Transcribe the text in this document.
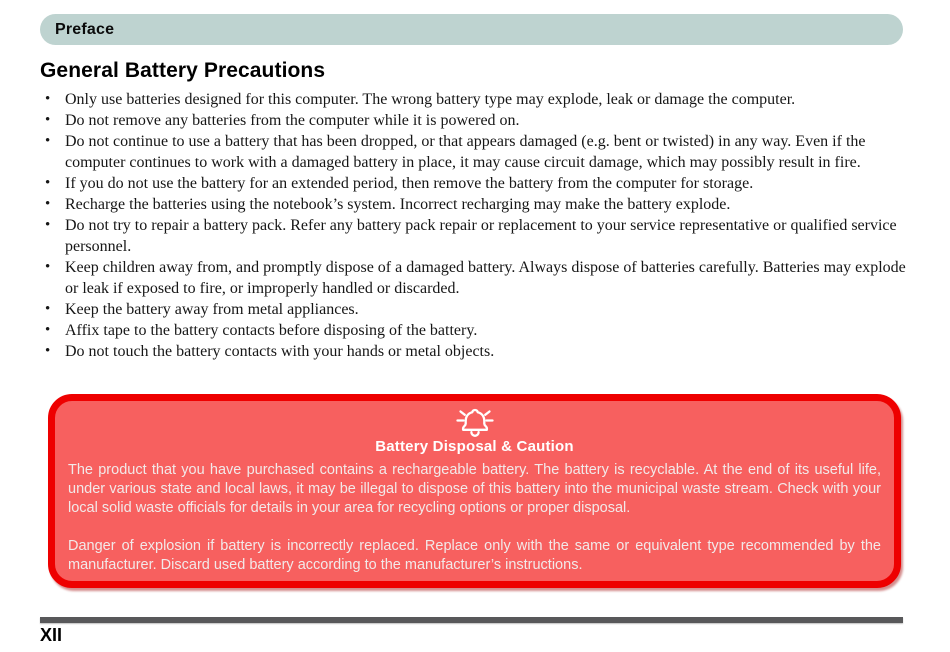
Preface
General Battery Precautions
• Only use batteries designed for this computer. The wrong battery type may explode, leak or damage the computer.
• Do not remove any batteries from the computer while it is powered on.
• Do not continue to use a battery that has been dropped, or that appears damaged (e.g. bent or twisted) in any way. Even if the computer continues to work with a damaged battery in place, it may cause circuit damage, which may possibly result in fire.
• If you do not use the battery for an extended period, then remove the battery from the computer for storage.
• Recharge the batteries using the notebook’s system. Incorrect recharging may make the battery explode.
• Do not try to repair a battery pack. Refer any battery pack repair or replacement to your service representative or qualified service personnel.
• Keep children away from, and promptly dispose of a damaged battery. Always dispose of batteries carefully. Batteries may explode or leak if exposed to fire, or improperly handled or discarded.
• Keep the battery away from metal appliances.
• Affix tape to the battery contacts before disposing of the battery.
• Do not touch the battery contacts with your hands or metal objects.
Battery Disposal & Caution

The product that you have purchased contains a rechargeable battery. The battery is recyclable. At the end of its useful life, under various state and local laws, it may be illegal to dispose of this battery into the municipal waste stream. Check with your local solid waste officials for details in your area for recycling options or proper disposal.

Danger of explosion if battery is incorrectly replaced. Replace only with the same or equivalent type recommended by the manufacturer. Discard used battery according to the manufacturer’s instructions.

XII
